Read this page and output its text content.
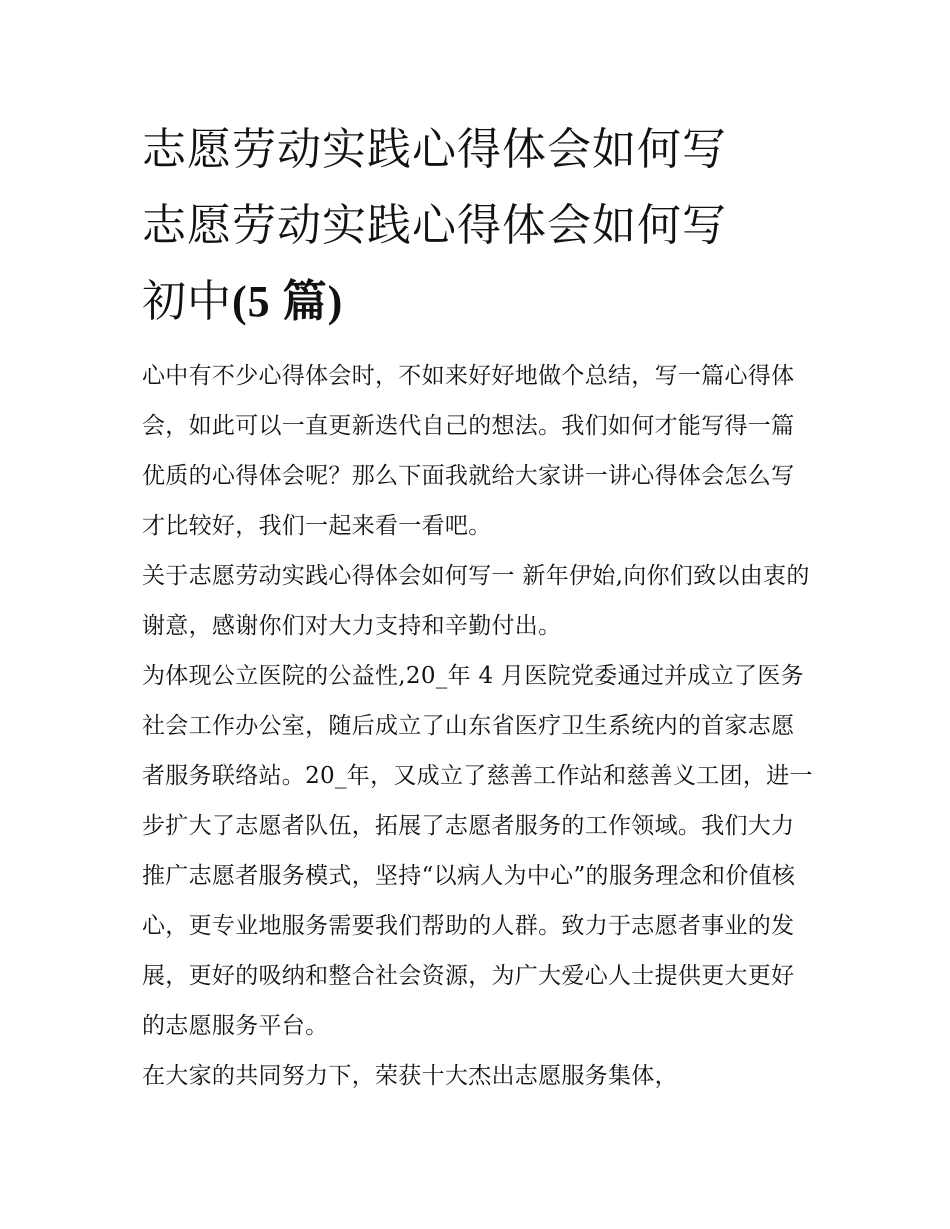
志愿劳动实践心得体会如何写
志愿劳动实践心得体会如何写
初中(5 篇)

心中有不少心得体会时，不如来好好地做个总结，写一篇心得体会，如此可以一直更新迭代自己的想法。我们如何才能写得一篇优质的心得体会呢？那么下面我就给大家讲一讲心得体会怎么写才比较好，我们一起来看一看吧。

关于志愿劳动实践心得体会如何写一 新年伊始,向你们致以由衷的谢意，感谢你们对大力支持和辛勤付出。

为体现公立医院的公益性,20_年 4 月医院党委通过并成立了医务社会工作办公室，随后成立了山东省医疗卫生系统内的首家志愿者服务联络站。20_年，又成立了慈善工作站和慈善义工团，进一步扩大了志愿者队伍，拓展了志愿者服务的工作领域。我们大力推广志愿者服务模式，坚持“以病人为中心”的服务理念和价值核心，更专业地服务需要我们帮助的人群。致力于志愿者事业的发展，更好的吸纳和整合社会资源，为广大爱心人士提供更大更好的志愿服务平台。

在大家的共同努力下，荣获十大杰出志愿服务集体，
